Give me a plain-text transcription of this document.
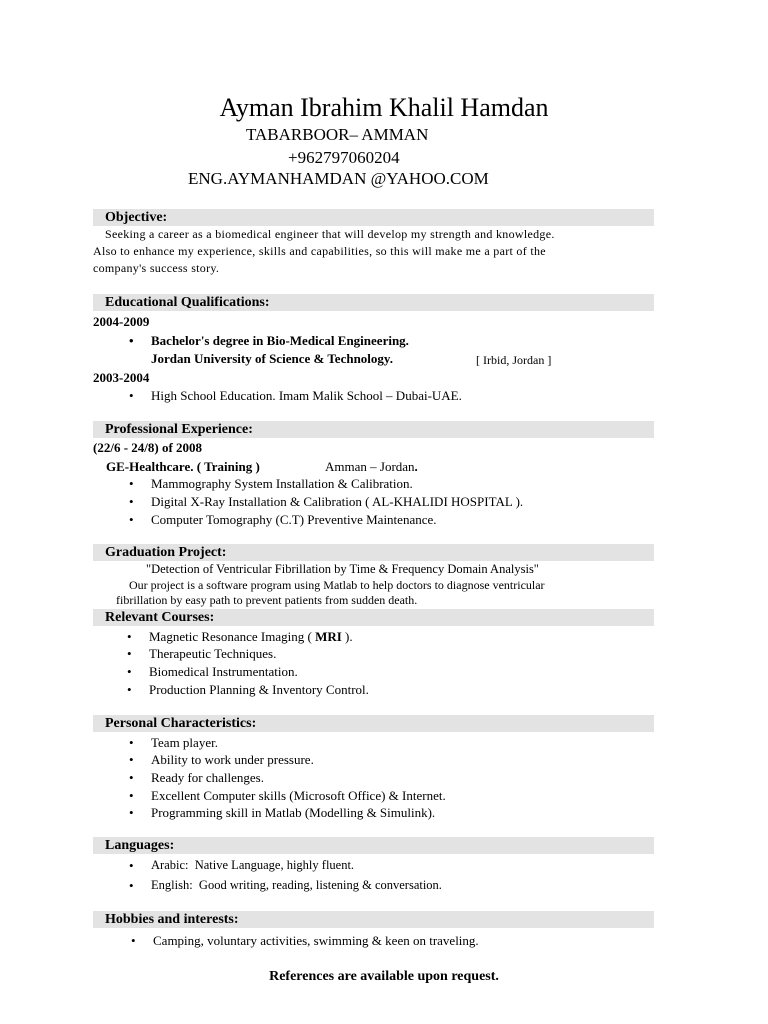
Ayman Ibrahim Khalil Hamdan
TABARBOOR– AMMAN
+962797060204
ENG.AYMANHAMDAN @YAHOO.COM
Objective:

Seeking a career as a biomedical engineer that will develop my strength and knowledge.

Also to enhance my experience, skills and capabilities, so this will make me a part of the

company's success story.

Educational Qualifications:
2004-2009
• Bachelor's degree in Bio-Medical Engineering.
Jordan University of Science & Technology.	[ Irbid, Jordan ]
2003-2004
• High School Education. Imam Malik School – Dubai-UAE.
Professional Experience:
(22/6 - 24/8) of 2008
GE-Healthcare. ( Training )	Amman – Jordan.
• Mammography System Installation & Calibration.
• Digital X-Ray Installation & Calibration ( AL-KHALIDI HOSPITAL ).
• Computer Tomography (C.T) Preventive Maintenance.
Graduation Project:
"Detection of Ventricular Fibrillation by Time & Frequency Domain Analysis"
Our project is a software program using Matlab to help doctors to diagnose ventricular
fibrillation by easy path to prevent patients from sudden death.
Relevant Courses:
• Magnetic Resonance Imaging ( MRI ).
• Therapeutic Techniques.
• Biomedical Instrumentation.
• Production Planning & Inventory Control.
Personal Characteristics:
• Team player.
• Ability to work under pressure.
• Ready for challenges.
• Excellent Computer skills (Microsoft Office) & Internet.
• Programming skill in Matlab (Modelling & Simulink).
Languages:
• Arabic: Native Language, highly fluent.
• English: Good writing, reading, listening & conversation.
Hobbies and interests:
• Camping, voluntary activities, swimming & keen on traveling.
References are available upon request.
